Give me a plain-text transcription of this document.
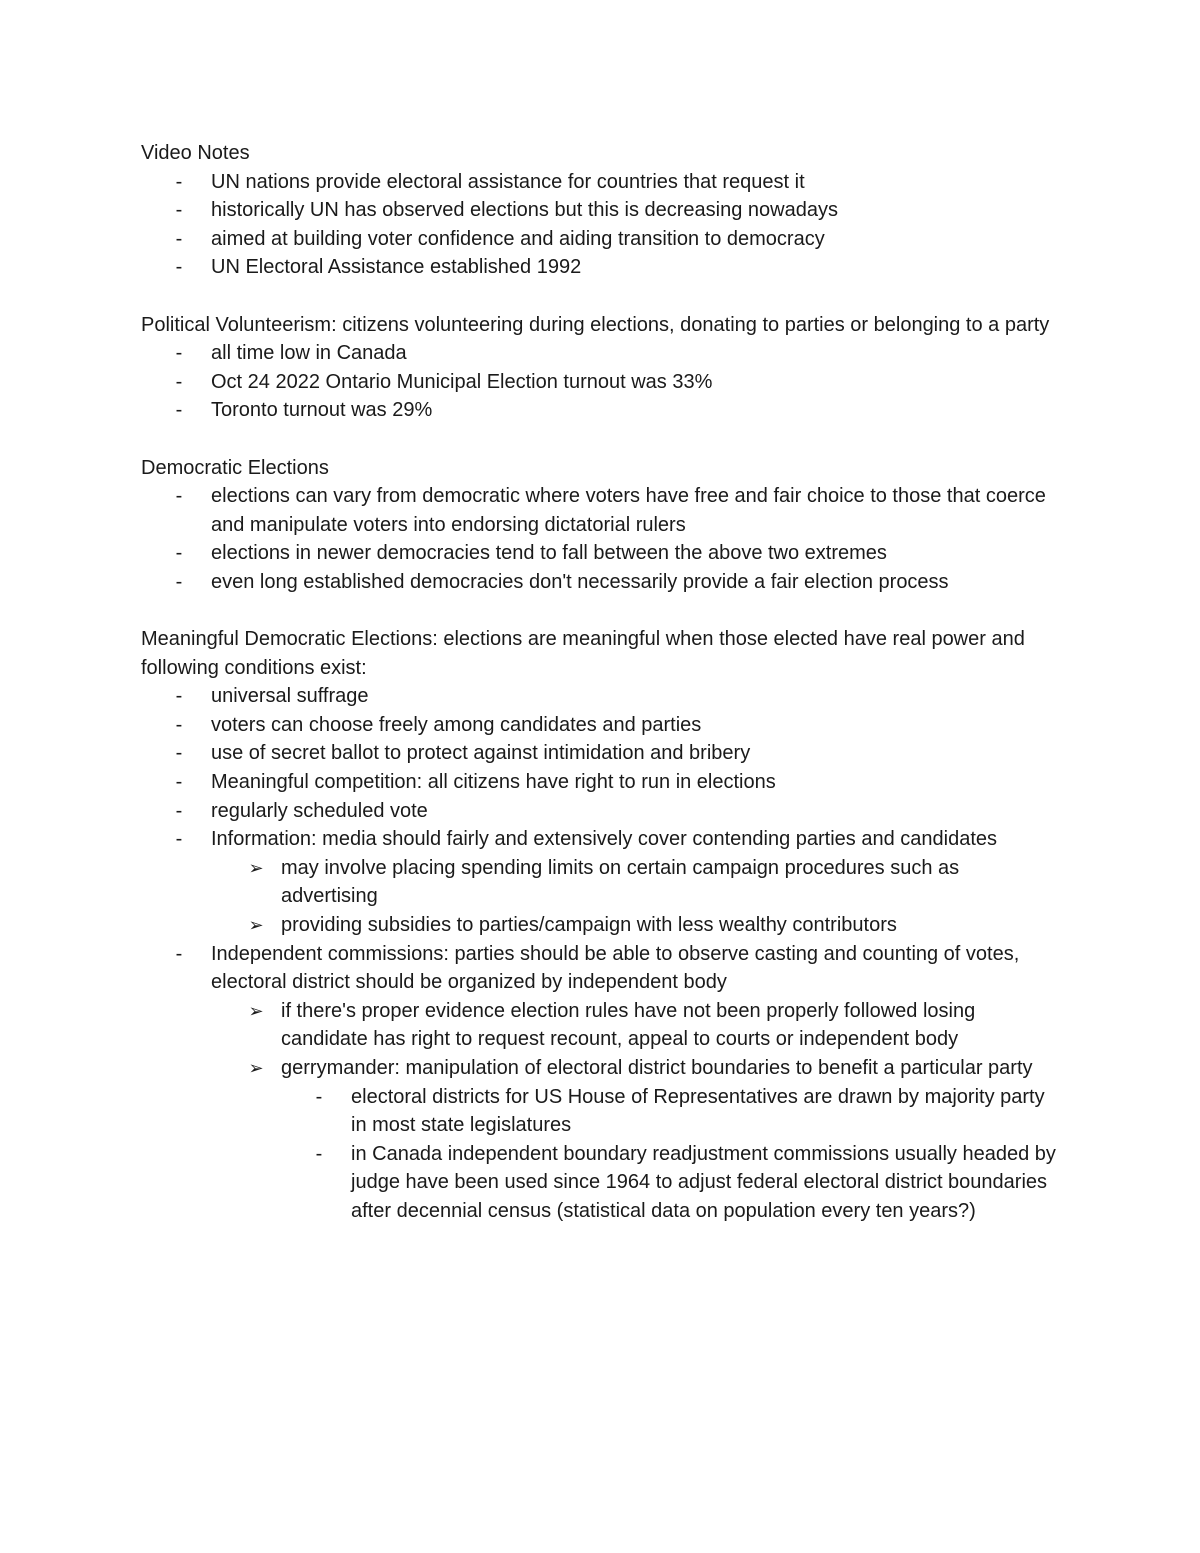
Video Notes

-	UN nations provide electoral assistance for countries that request it
-	historically UN has observed elections but this is decreasing nowadays
-	aimed at building voter confidence and aiding transition to democracy
-	UN Electoral Assistance established 1992

Political Volunteerism: citizens volunteering during elections, donating to parties or belonging to a party

-	all time low in Canada
-	Oct 24 2022 Ontario Municipal Election turnout was 33%
-	Toronto turnout was 29%

Democratic Elections

-	elections can vary from democratic where voters have free and fair choice to those that coerce and manipulate voters into endorsing dictatorial rulers
-	elections in newer democracies tend to fall between the above two extremes
-	even long established democracies don't necessarily provide a fair election process

Meaningful Democratic Elections: elections are meaningful when those elected have real power and following conditions exist:

-	universal suffrage
-	voters can choose freely among candidates and parties
-	use of secret ballot to protect against intimidation and bribery
-	Meaningful competition: all citizens have right to run in elections
-	regularly scheduled vote
-	Information: media should fairly and extensively cover contending parties and candidates
➢ may involve placing spending limits on certain campaign procedures such as advertising
➢ providing subsidies to parties/campaign with less wealthy contributors
-	Independent commissions: parties should be able to observe casting and counting of votes, electoral district should be organized by independent body
➢ if there's proper evidence election rules have not been properly followed losing candidate has right to request recount, appeal to courts or independent body
➢ gerrymander: manipulation of electoral district boundaries to benefit a particular party
-	electoral districts for US House of Representatives are drawn by majority party in most state legislatures
-	in Canada independent boundary readjustment commissions usually headed by judge have been used since 1964 to adjust federal electoral district boundaries after decennial census (statistical data on population every ten years?)
